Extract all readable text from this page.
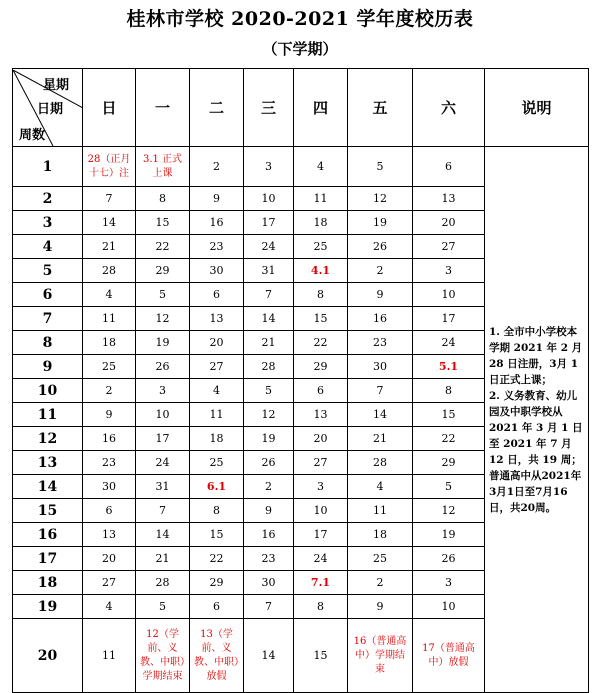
桂林市学校 2020-2021 学年度校历表
（下学期）
星期
日期
周数	日	一	二	三	四	五	六	说明
1	28（正月十七）注	3.1 正式上课	2	3	4	5	6	1. 全市中小学校本学期 2021 年 2 月 28 日注册，3月 1 日正式上课；
2. 义务教育、幼儿园及中职学校从 2021 年 3 月 1 日至 2021 年 7 月 12 日，共 19 周；普通高中从2021年3月1日至7月16日，共20周。

2	7	8	9	10	11	12	13	
3	14	15	16	17	18	19	20	
4	21	22	23	24	25	26	27	
5	28	29	30	31	4.1	2	3	
6	4	5	6	7	8	9	10	
7	11	12	13	14	15	16	17	
8	18	19	20	21	22	23	24	
9	25	26	27	28	29	30	5.1	
10	2	3	4	5	6	7	8	
11	9	10	11	12	13	14	15	
12	16	17	18	19	20	21	22	
13	23	24	25	26	27	28	29	
14	30	31	6.1	2	3	4	5	
15	6	7	8	9	10	11	12	
16	13	14	15	16	17	18	19	
17	20	21	22	23	24	25	26	
18	27	28	29	30	7.1	2	3	
19	4	5	6	7	8	9	10	
20	11	12（学前、义教、中职）学期结束	13（学前、义教、中职）放假	14	15	16（普通高中）学期结束	17（普通高中）放假	
